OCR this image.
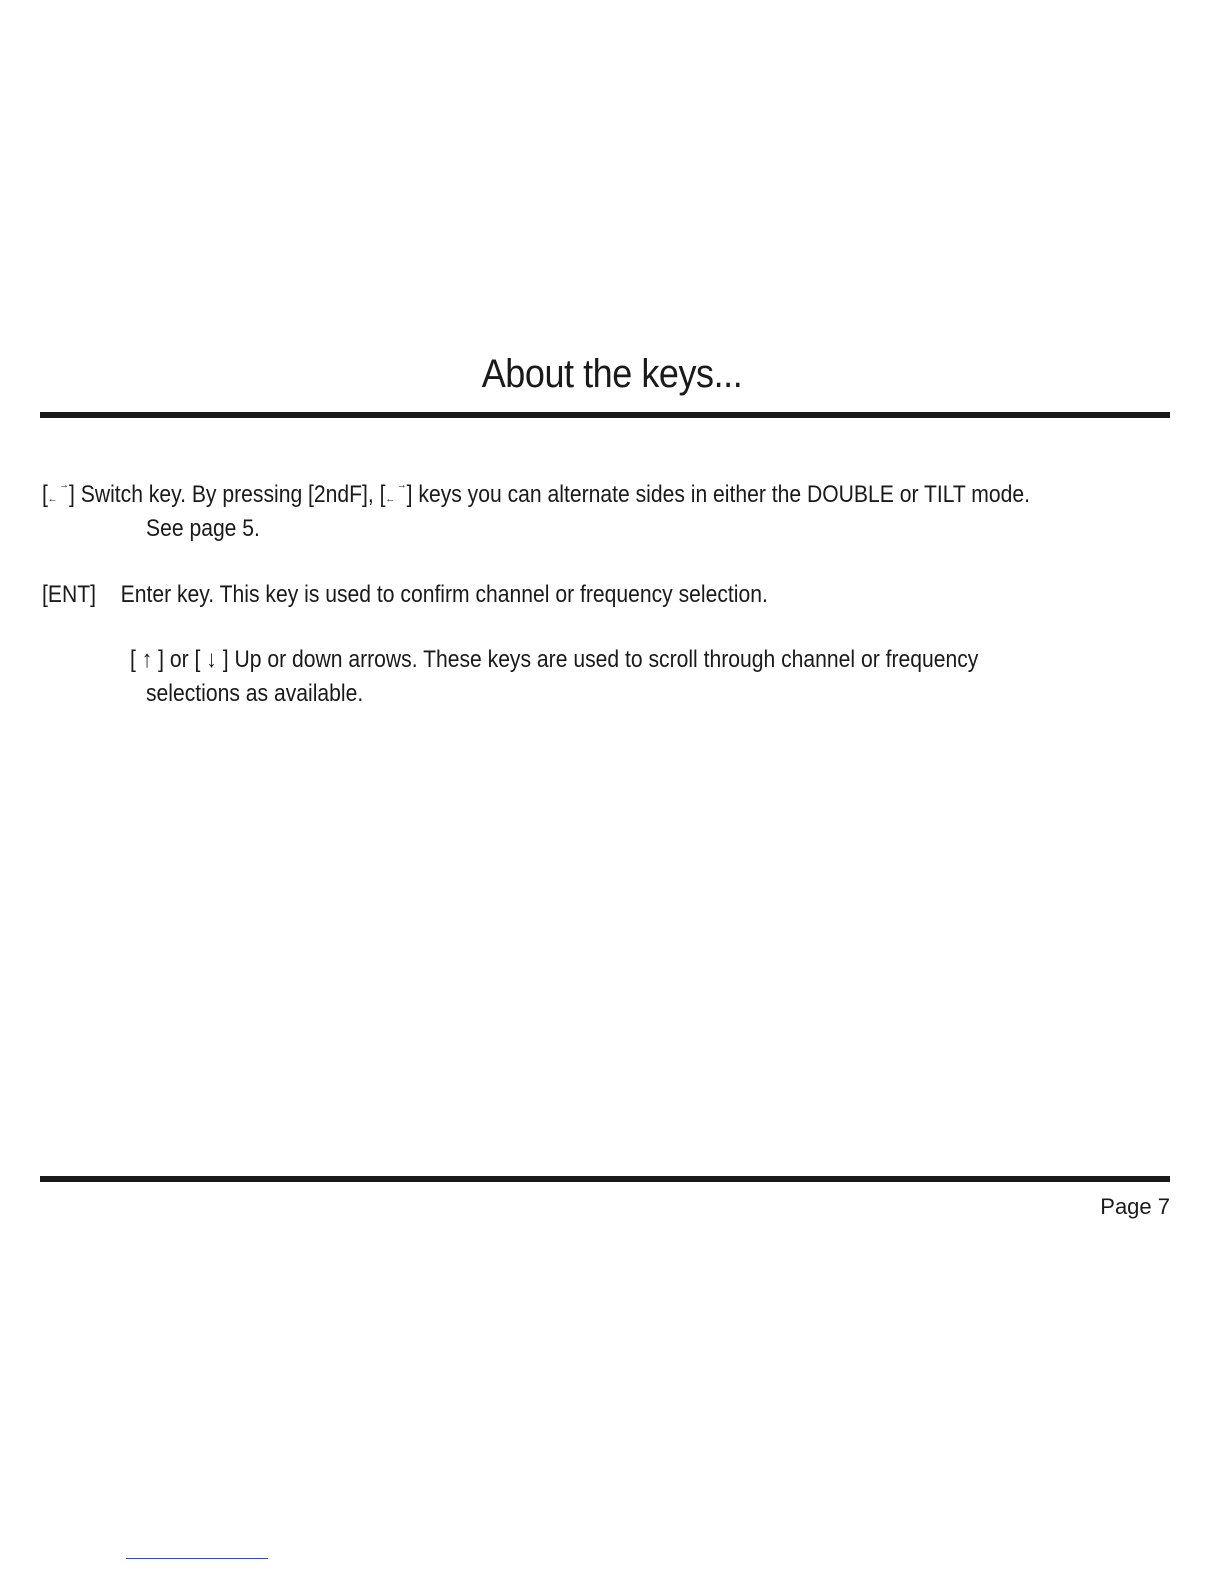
About the keys...
[ →
← ] Switch key. By pressing [2ndF], [ →
← ] keys you can alternate sides in either the DOUBLE or TILT mode.
See page 5.
[ENT] Enter key. This key is used to confirm channel or frequency selection.
[ ↑ ] or [ ↓ ] Up or down arrows. These keys are used to scroll through channel or frequency
selections as available.
Page 7
